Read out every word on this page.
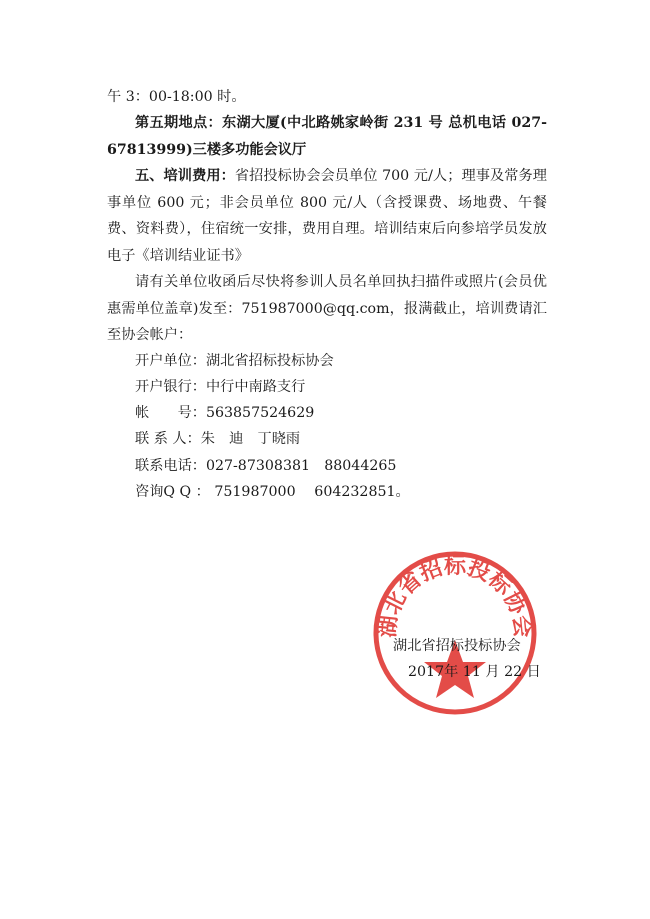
午 3：00-18:00 时。

第五期地点：东湖大厦(中北路姚家岭街 231 号 总机电话 027-67813999)三楼多功能会议厅

五、培训费用：省招投标协会会员单位 700 元/人；理事及常务理事单位 600 元；非会员单位 800 元/人（含授课费、场地费、午餐费、资料费），住宿统一安排，费用自理。培训结束后向参培学员发放电子《培训结业证书》

请有关单位收函后尽快将参训人员名单回执扫描件或照片(会员优惠需单位盖章)发至：751987000@qq.com，报满截止，培训费请汇至协会帐户：

开户单位：湖北省招标投标协会

开户银行：中行中南路支行

帐　　号：563857524629

联 系 人：朱　迪　丁晓雨

联系电话：027-87308381　88044265

咨询Q Q ： 751987000　 604232851。

湖北省招标投标协会
湖北省招标投标协会
2017年 11 月 22 日
